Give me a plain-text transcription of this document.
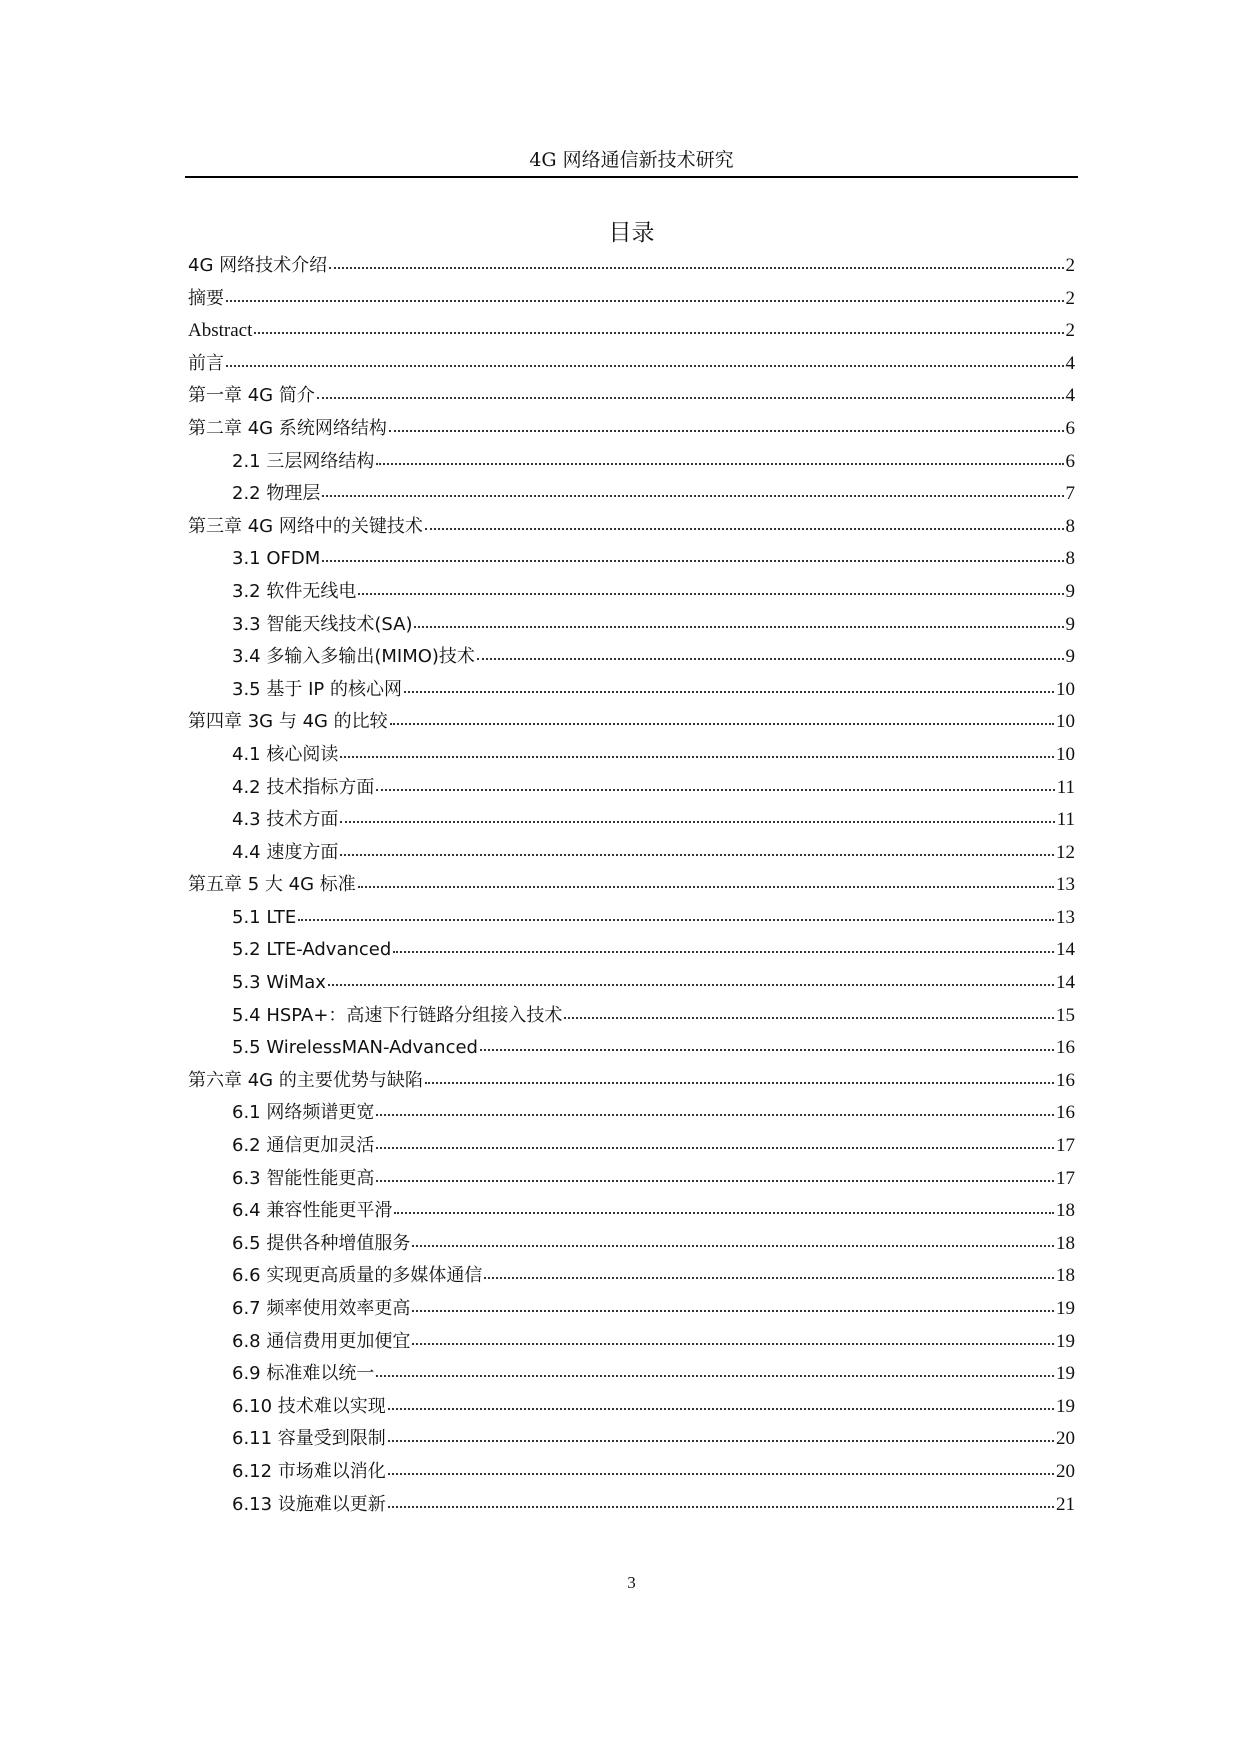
4G 网络通信新技术研究
目录
4G 网络技术介绍	2
摘要	2
Abstract	2
前言	4
第一章 4G 简介	4
第二章 4G 系统网络结构	6
2.1 三层网络结构	6
2.2 物理层	7
第三章 4G 网络中的关键技术	8
3.1 OFDM	8
3.2 软件无线电	9
3.3 智能天线技术(SA)	9
3.4 多输入多输出(MIMO)技术	9
3.5 基于 IP 的核心网	10
第四章 3G 与 4G 的比较	10
4.1 核心阅读	10
4.2 技术指标方面	11
4.3 技术方面	11
4.4 速度方面	12
第五章 5 大 4G 标准	13
5.1 LTE	13
5.2 LTE-Advanced	14
5.3 WiMax	14
5.4 HSPA+：高速下行链路分组接入技术	15
5.5 WirelessMAN-Advanced	16
第六章 4G 的主要优势与缺陷	16
6.1 网络频谱更宽	16
6.2 通信更加灵活	17
6.3 智能性能更高	17
6.4 兼容性能更平滑	18
6.5 提供各种增值服务	18
6.6 实现更高质量的多媒体通信	18
6.7 频率使用效率更高	19
6.8 通信费用更加便宜	19
6.9 标准难以统一	19
6.10 技术难以实现	19
6.11 容量受到限制	20
6.12 市场难以消化	20
6.13 设施难以更新	21
3
